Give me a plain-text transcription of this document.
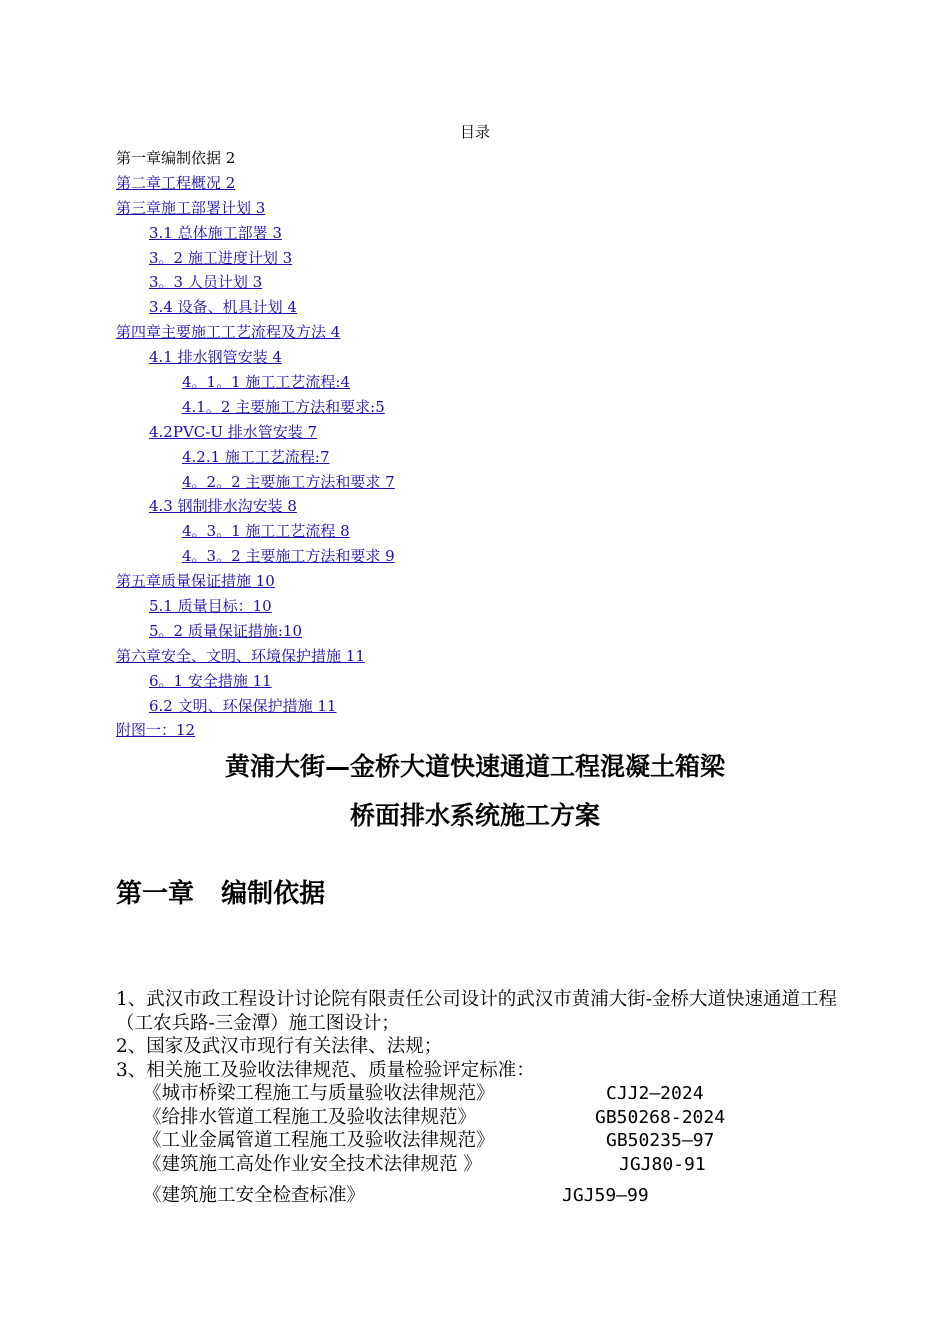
目录
第一章编制依据 2
第二章工程概况 2
第三章施工部署计划 3
3.1 总体施工部署 3
3。2 施工进度计划 3
3。3 人员计划 3
3.4 设备、机具计划 4
第四章主要施工工艺流程及方法 4
4.1 排水钢管安装 4
4。1。1 施工工艺流程:4
4.1。2 主要施工方法和要求:5
4.2PVC-U 排水管安装 7
4.2.1 施工工艺流程:7
4。2。2 主要施工方法和要求 7
4.3 钢制排水沟安装 8
4。3。1 施工工艺流程 8
4。3。2 主要施工方法和要求 9
第五章质量保证措施 10
5.1 质量目标：10
5。2 质量保证措施:10
第六章安全、文明、环境保护措施 11
6。1 安全措施 11
6.2 文明、环保保护措施 11
附图一：12
黄浦大街—金桥大道快速通道工程混凝土箱梁
桥面排水系统施工方案
第一章   编制依据

1、武汉市政工程设计讨论院有限责任公司设计的武汉市黄浦大街-金桥大道快速通道工程（工农兵路-三金潭）施工图设计；

2、国家及武汉市现行有关法律、法规；

3、相关施工及验收法律规范、质量检验评定标准：

《城市桥梁工程施工与质量验收法律规范》	CJJ2—2024
《给排水管道工程施工及验收法律规范》	GB50268-2024
《工业金属管道工程施工及验收法律规范》	GB50235—97
《建筑施工高处作业安全技术法律规范 》	JGJ80-91
《建筑施工安全检查标准》	JGJ59—99
